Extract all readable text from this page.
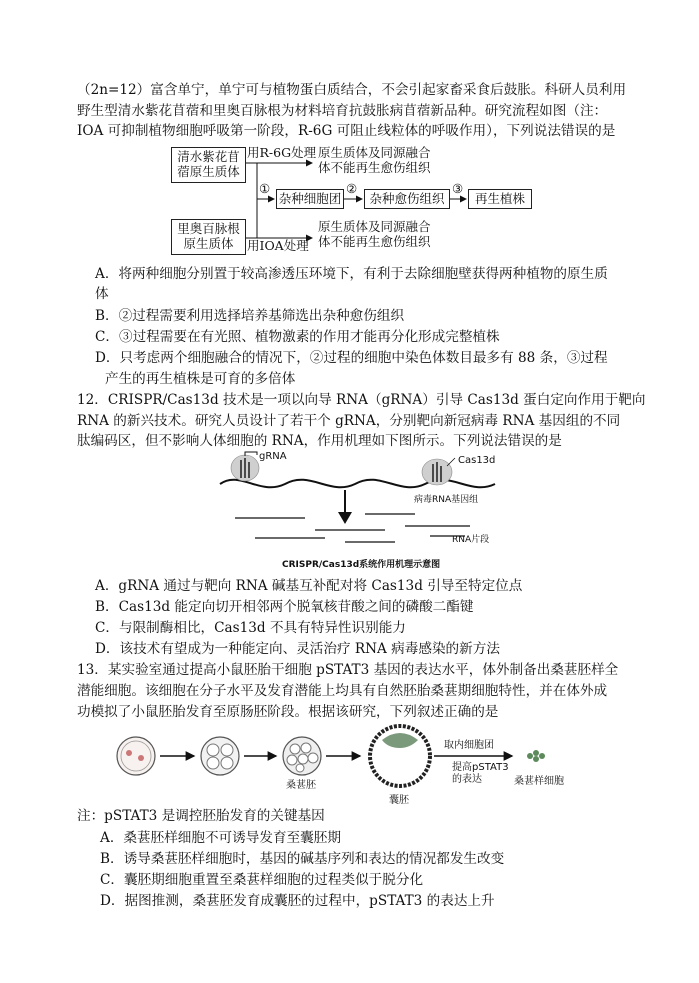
（2n=12）富含单宁，单宁可与植物蛋白质结合，不会引起家畜采食后鼓胀。科研人员利用
野生型清水紫花苜蓿和里奥百脉根为材料培育抗鼓胀病苜蓿新品种。研究流程如图（注：
IOA 可抑制植物细胞呼吸第一阶段，R-6G 可阻止线粒体的呼吸作用），下列说法错误的是
清水紫花苜蓿原生质体
里奥百脉根原生质体
用R-6G处理
用IOA处理
原生质体及同源融合体不能再生愈伤组织
原生质体及同源融合体不能再生愈伤组织
①	②	③
杂种细胞团	杂种愈伤组织	再生植株
A．将两种细胞分别置于较高渗透压环境下，有利于去除细胞壁获得两种植物的原生质
体
B．②过程需要利用选择培养基筛选出杂种愈伤组织
C．③过程需要在有光照、植物激素的作用才能再分化形成完整植株
D．只考虑两个细胞融合的情况下，②过程的细胞中染色体数目最多有 88 条，③过程
产生的再生植株是可育的多倍体
12．CRISPR/Cas13d 技术是一项以向导 RNA（gRNA）引导 Cas13d 蛋白定向作用于靶向
RNA 的新兴技术。研究人员设计了若干个 gRNA，分别靶向新冠病毒 RNA 基因组的不同
肽编码区，但不影响人体细胞的 RNA，作用机理如下图所示。下列说法错误的是
gRNA	Cas13d
病毒RNA基因组
RNA片段
CRISPR/Cas13d系统作用机理示意图
A．gRNA 通过与靶向 RNA 碱基互补配对将 Cas13d 引导至特定位点
B．Cas13d 能定向切开相邻两个脱氧核苷酸之间的磷酸二酯键
C．与限制酶相比，Cas13d 不具有特异性识别能力
D．该技术有望成为一种能定向、灵活治疗 RNA 病毒感染的新方法
13．某实验室通过提高小鼠胚胎干细胞 pSTAT3 基因的表达水平，体外制备出桑葚胚样全
潜能细胞。该细胞在分子水平及发育潜能上均具有自然胚胎桑葚期细胞特性，并在体外成
功模拟了小鼠胚胎发育至原肠胚阶段。根据该研究，下列叙述正确的是
桑葚胚
囊胚
取内细胞团
提高pSTAT3
的表达	桑葚样细胞
注：pSTAT3 是调控胚胎发育的关键基因
A．桑葚胚样细胞不可诱导发育至囊胚期
B．诱导桑葚胚样细胞时，基因的碱基序列和表达的情况都发生改变
C．囊胚期细胞重置至桑葚样细胞的过程类似于脱分化
D．据图推测，桑葚胚发育成囊胚的过程中，pSTAT3 的表达上升
